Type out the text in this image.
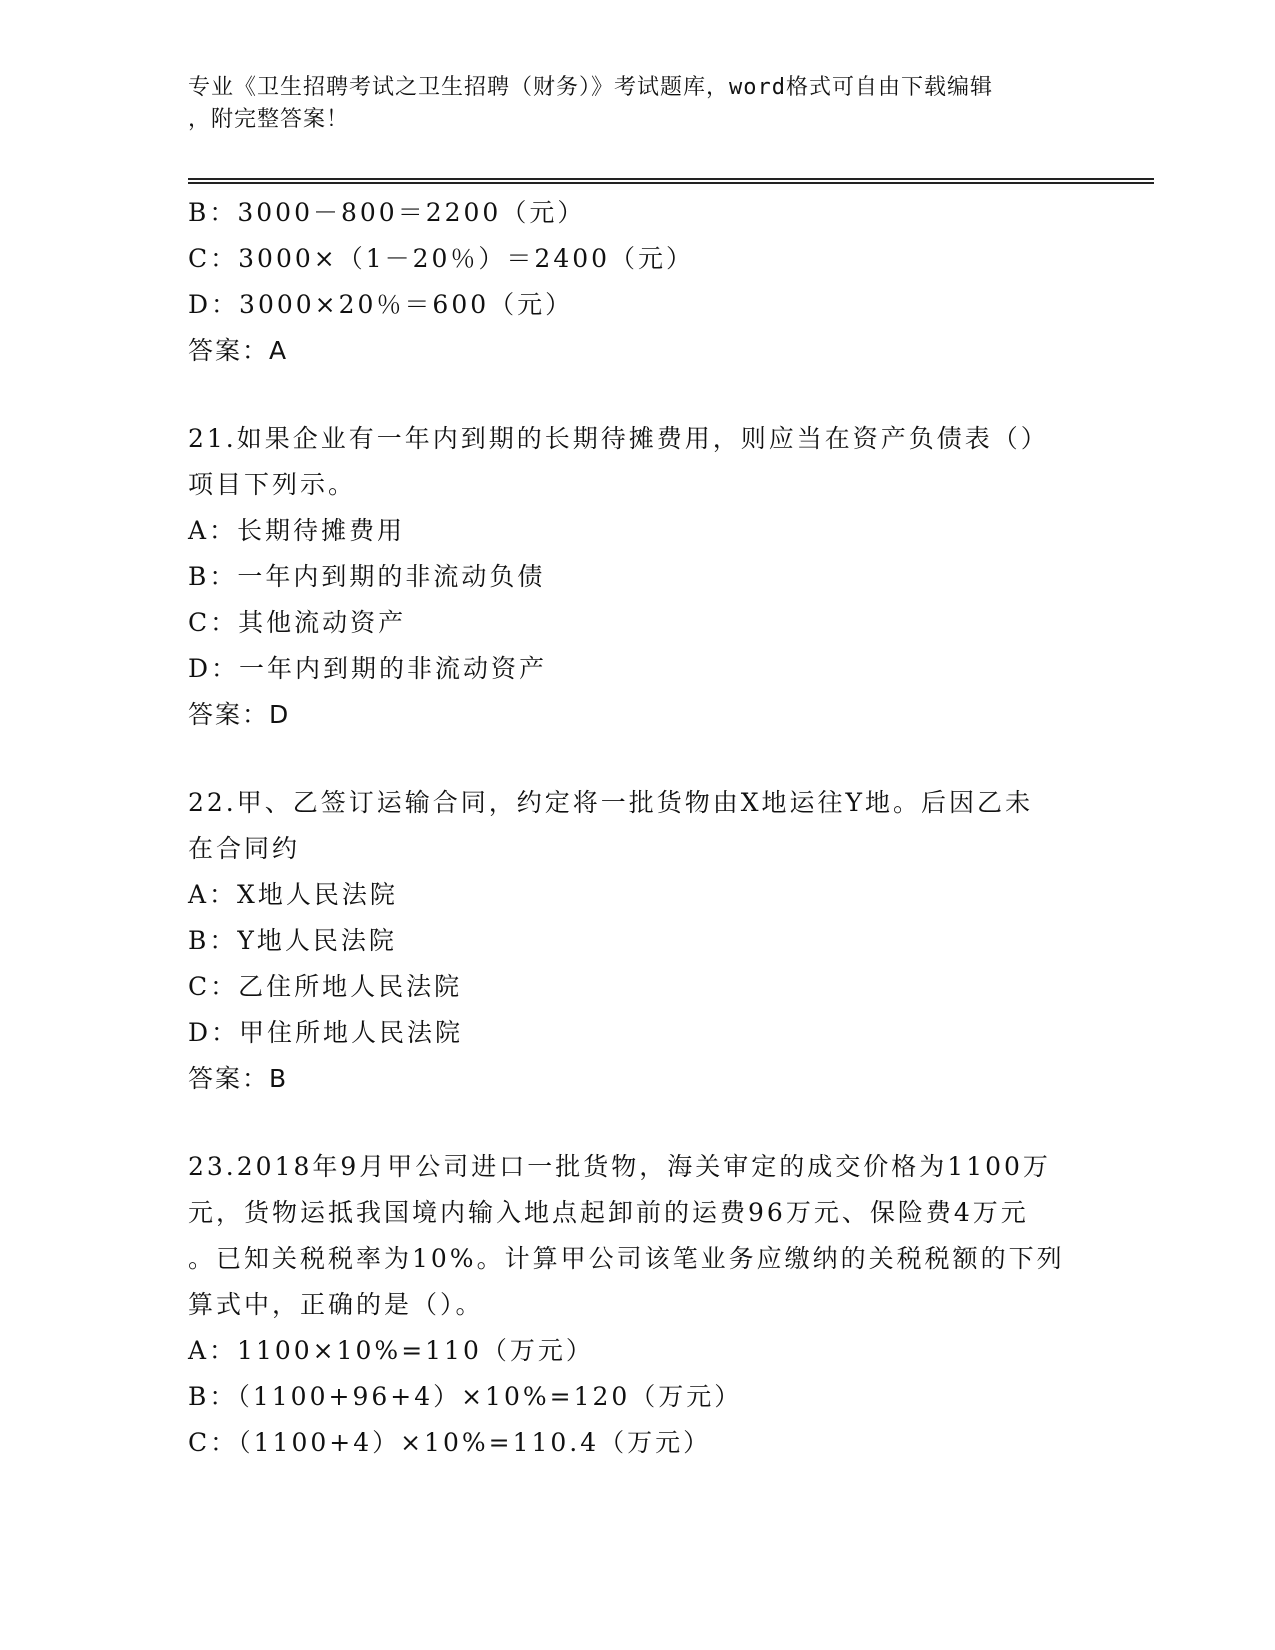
专业《卫生招聘考试之卫生招聘（财务）》考试题库，word格式可自由下载编辑
，附完整答案！
B：3000－800＝2200（元）
C：3000×（1－20％）＝2400（元）
D：3000×20％＝600（元）
答案：A
21.如果企业有一年内到期的长期待摊费用，则应当在资产负债表（）
项目下列示。
A：长期待摊费用
B：一年内到期的非流动负债
C：其他流动资产
D：一年内到期的非流动资产
答案：D
22.甲、乙签订运输合同，约定将一批货物由X地运往Y地。后因乙未
在合同约
A：X地人民法院
B：Y地人民法院
C：乙住所地人民法院
D：甲住所地人民法院
答案：B
23.2018年9月甲公司进口一批货物，海关审定的成交价格为1100万
元，货物运抵我国境内输入地点起卸前的运费96万元、保险费4万元
。已知关税税率为10%。计算甲公司该笔业务应缴纳的关税税额的下列
算式中，正确的是（）。
A：1100×10%=110（万元）
B：（1100+96+4）×10%=120（万元）
C：（1100+4）×10%=110.4（万元）
